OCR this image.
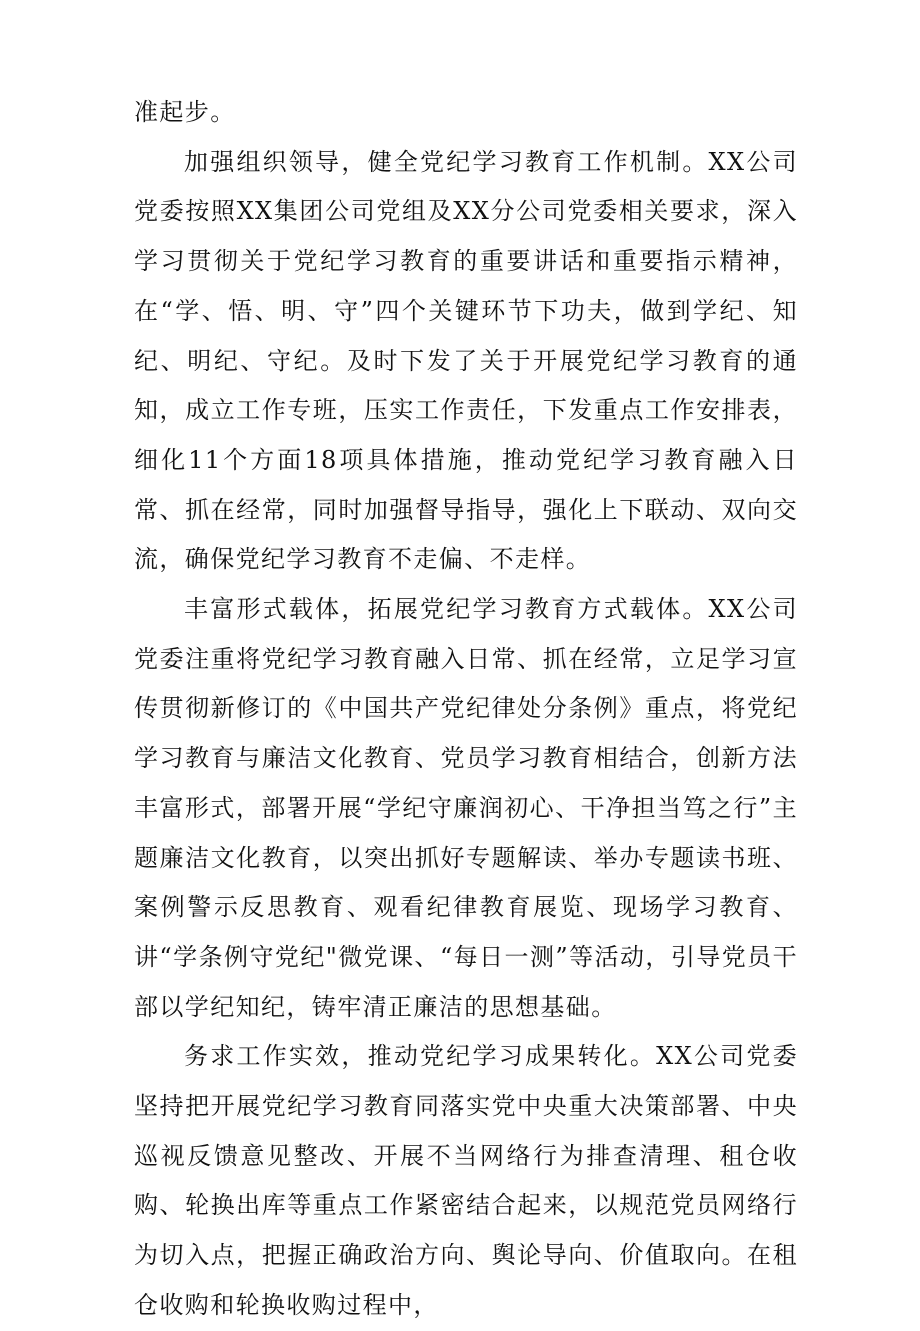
准起步。

加强组织领导，健全党纪学习教育工作机制。XX公司党委按照XX集团公司党组及XX分公司党委相关要求，深入学习贯彻关于党纪学习教育的重要讲话和重要指示精神，在“学、悟、明、守”四个关键环节下功夫，做到学纪、知纪、明纪、守纪。及时下发了关于开展党纪学习教育的通知，成立工作专班，压实工作责任，下发重点工作安排表，细化11个方面18项具体措施，推动党纪学习教育融入日常、抓在经常，同时加强督导指导，强化上下联动、双向交流，确保党纪学习教育不走偏、不走样。

丰富形式载体，拓展党纪学习教育方式载体。XX公司党委注重将党纪学习教育融入日常、抓在经常，立足学习宣传贯彻新修订的《中国共产党纪律处分条例》重点，将党纪学习教育与廉洁文化教育、党员学习教育相结合，创新方法丰富形式，部署开展“学纪守廉润初心、干净担当笃之行”主题廉洁文化教育，以突出抓好专题解读、举办专题读书班、案例警示反思教育、观看纪律教育展览、现场学习教育、讲“学条例守党纪"微党课、“每日一测”等活动，引导党员干部以学纪知纪，铸牢清正廉洁的思想基础。

务求工作实效，推动党纪学习成果转化。XX公司党委坚持把开展党纪学习教育同落实党中央重大决策部署、中央巡视反馈意见整改、开展不当网络行为排查清理、租仓收购、轮换出库等重点工作紧密结合起来，以规范党员网络行为切入点，把握正确政治方向、舆论导向、价值取向。在租仓收购和轮换收购过程中，
